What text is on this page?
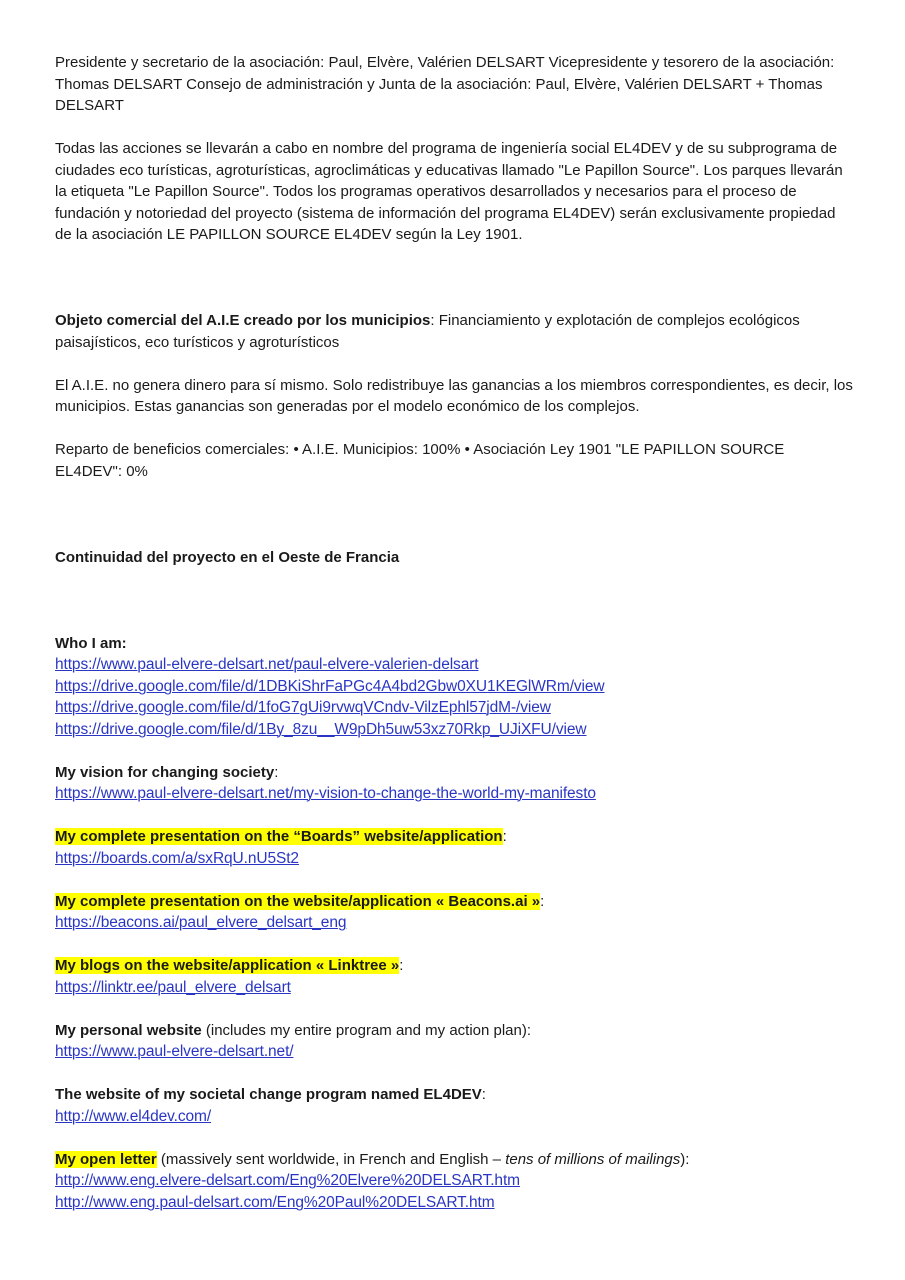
Presidente y secretario de la asociación: Paul, Elvère, Valérien DELSART Vicepresidente y tesorero de la asociación: Thomas DELSART Consejo de administración y Junta de la asociación: Paul, Elvère, Valérien DELSART + Thomas DELSART
Todas las acciones se llevarán a cabo en nombre del programa de ingeniería social EL4DEV y de su subprograma de ciudades eco turísticas, agroturísticas, agroclimáticas y educativas llamado "Le Papillon Source". Los parques llevarán la etiqueta "Le Papillon Source". Todos los programas operativos desarrollados y necesarios para el proceso de fundación y notoriedad del proyecto (sistema de información del programa EL4DEV) serán exclusivamente propiedad de la asociación LE PAPILLON SOURCE EL4DEV según la Ley 1901.
Objeto comercial del A.I.E creado por los municipios: Financiamiento y explotación de complejos ecológicos paisajísticos, eco turísticos y agroturísticos
El A.I.E. no genera dinero para sí mismo. Solo redistribuye las ganancias a los miembros correspondientes, es decir, los municipios. Estas ganancias son generadas por el modelo económico de los complejos.
Reparto de beneficios comerciales: • A.I.E. Municipios: 100% • Asociación Ley 1901 "LE PAPILLON SOURCE EL4DEV": 0%
Continuidad del proyecto en el Oeste de Francia
Who I am:
https://www.paul-elvere-delsart.net/paul-elvere-valerien-delsart
https://drive.google.com/file/d/1DBKiShrFaPGc4A4bd2Gbw0XU1KEGlWRm/view
https://drive.google.com/file/d/1foG7gUi9rvwqVCndv-VilzEphl57jdM-/view
https://drive.google.com/file/d/1By_8zu__W9pDh5uw53xz70Rkp_UJiXFU/view
My vision for changing society:
https://www.paul-elvere-delsart.net/my-vision-to-change-the-world-my-manifesto
My complete presentation on the “Boards” website/application:
https://boards.com/a/sxRqU.nU5St2
My complete presentation on the website/application « Beacons.ai »:
https://beacons.ai/paul_elvere_delsart_eng
My blogs on the website/application « Linktree »:
https://linktr.ee/paul_elvere_delsart
My personal website (includes my entire program and my action plan):
https://www.paul-elvere-delsart.net/
The website of my societal change program named EL4DEV:
http://www.el4dev.com/
My open letter (massively sent worldwide, in French and English – tens of millions of mailings):
http://www.eng.elvere-delsart.com/Eng%20Elvere%20DELSART.htm
http://www.eng.paul-delsart.com/Eng%20Paul%20DELSART.htm
